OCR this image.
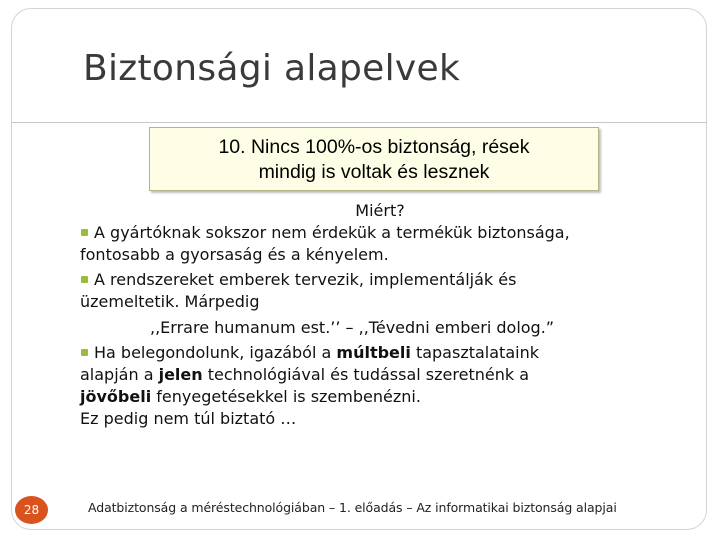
Biztonsági alapelvek
10. Nincs 100%-os biztonság, rések
mindig is voltak és lesznek
Miért?
A gyártóknak sokszor nem érdekük a termékük biztonsága,
fontosabb a gyorsaság és a kényelem.
A rendszereket emberek tervezik, implementálják és
üzemeltetik. Márpedig
,,Errare humanum est.’’ – ,,Tévedni emberi dolog.”
Ha belegondolunk, igazából a múltbeli tapasztalataink
alapján a jelen technológiával és tudással szeretnénk a
jövőbeli fenyegetésekkel is szembenézni.
Ez pedig nem túl biztató …
28	Adatbiztonság a méréstechnológiában – 1. előadás – Az informatikai biztonság alapjai
